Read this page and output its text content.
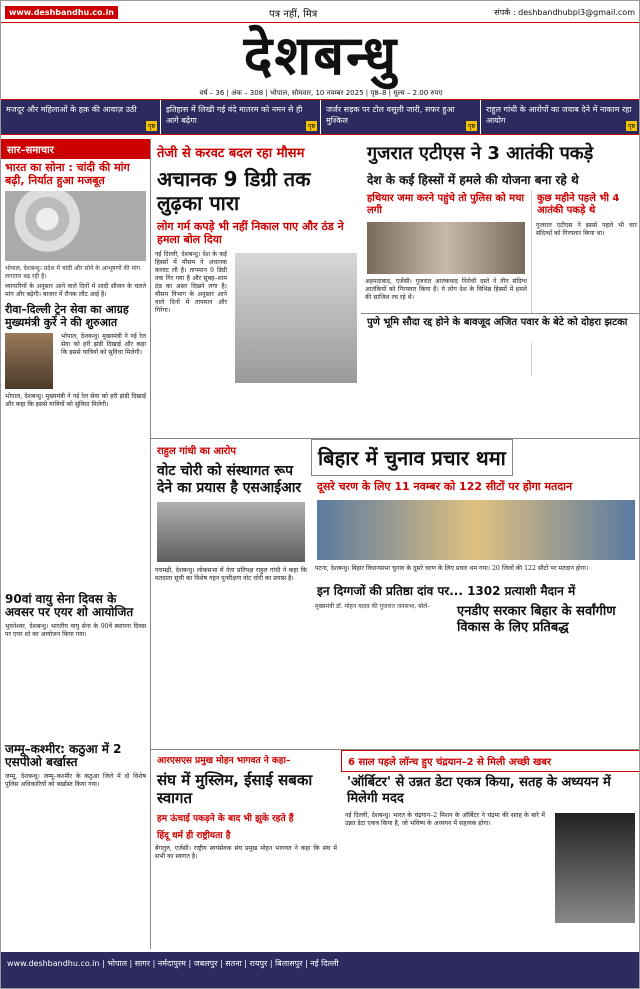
www.deshbandhu.co.in	पत्र नहीं, मित्र	संपर्क : deshbandhubpl3@gmail.com
देशबन्धु
वर्ष – 36 | अंक – 308 | भोपाल, सोमवार, 10 नवम्बर 2025 | पृष्ठ–8 | मूल्य – 2.00 रुपए
मजदूर और महिलाओं के हक़ की आवाज़ उठी
पृष्ठ
इतिहास में लिखी गई वंदे मातरम को नमन से ही आगे बढ़ेगा
पृष्ठ
जर्जर सड़क पर टोल वसूली जारी, सफर हुआ मुश्किल
पृष्ठ
राहुल गांधी के आरोपों का जवाब देने में नाकाम रहा आयोग
पृष्ठ
सार–समाचार
भारत का सोना : चांदी की मांग बढ़ी, निर्यात हुआ मजबूत
भोपाल, देशबन्धु। प्रदेश में चांदी और सोने के आभूषणों की मांग लगातार बढ़ रही है।
व्यापारियों के अनुसार आने वाले दिनों में शादी सीजन के चलते मांग और बढ़ेगी। बाजार में रौनक लौट आई है।
रीवा–दिल्ली ट्रेन सेवा का आग्रह मुख्यमंत्री कुर्रे ने की शुरुआत
भोपाल, देशबन्धु। मुख्यमंत्री ने नई रेल सेवा को हरी झंडी दिखाई और कहा कि इससे यात्रियों को सुविधा मिलेगी।
भोपाल, देशबन्धु। मुख्यमंत्री ने नई रेल सेवा को हरी झंडी दिखाई और कहा कि इससे यात्रियों को सुविधा मिलेगी।
90वां वायु सेना दिवस के अवसर पर एयर शो आयोजित
भुवनेश्वर, देशबन्धु। भारतीय वायु सेना के 90वें स्थापना दिवस पर एयर शो का आयोजन किया गया।
जम्मू–कश्मीर: कठुआ में 2 एसपीओ बर्खास्त
जम्मू, देशबन्धु। जम्मू–कश्मीर के कठुआ जिले में दो विशेष पुलिस अधिकारियों को बर्खास्त किया गया।
तेजी से करवट बदल रहा मौसम
अचानक 9 डिग्री तक लुढ़का पारा
लोग गर्म कपड़े भी नहीं निकाल पाए और ठंड ने हमला बोल दिया
नई दिल्ली, देशबन्धु। देश के कई हिस्सों में मौसम ने अचानक करवट ली है। तापमान 9 डिग्री तक गिर गया है और सुबह–शाम ठंड का असर दिखने लगा है। मौसम विभाग के अनुसार आने वाले दिनों में तापमान और गिरेगा।
गुजरात एटीएस ने 3 आतंकी पकड़े
देश के कई हिस्सों में हमले की योजना बना रहे थे
हथियार जमा करने पहुंचे तो पुलिस को मचा लगी
अहमदाबाद, एजेंसी। गुजरात आतंकवाद निरोधी दस्ते ने तीन संदिग्ध आतंकियों को गिरफ्तार किया है। ये लोग देश के विभिन्न हिस्सों में हमले की साजिश रच रहे थे।
कुछ महीने पहले भी 4 आतंकी पकड़े थे
गुजरात एटीएस ने इससे पहले भी चार संदिग्धों को गिरफ्तार किया था।
पुणे भूमि सौदा रद्द होने के बावजूद अजित पवार के बेटे को दोहरा झटका
राहुल गांधी का आरोप
वोट चोरी को संस्थागत रूप देने का प्रयास है एसआईआर
पचमढ़ी, देशबन्धु। लोकसभा में नेता प्रतिपक्ष राहुल गांधी ने कहा कि मतदाता सूची का विशेष गहन पुनरीक्षण वोट चोरी का प्रयास है।
बिहार में चुनाव प्रचार थमा
दूसरे चरण के लिए 11 नवम्बर को 122 सीटों पर होगा मतदान
पटना, देशबन्धु। बिहार विधानसभा चुनाव के दूसरे चरण के लिए प्रचार थम गया। 20 जिलों की 122 सीटों पर मतदान होगा।
इन दिग्गजों की प्रतिष्ठा दांव पर... 1302 प्रत्याशी मैदान में
मुख्यमंत्री डॉ. मोहन यादव की गुजरात जनसभा, बोले–	एनडीए सरकार बिहार के सर्वांगीण विकास के लिए प्रतिबद्ध
आरएसएस प्रमुख मोहन भागवत ने कहा–
संघ में मुस्लिम, ईसाई सबका स्वागत
हम ऊंचाई पकड़ने के बाद भी झुके रहते हैं
हिंदू धर्म ही राष्ट्रीयता है
बेंगलुरु, एजेंसी। राष्ट्रीय स्वयंसेवक संघ प्रमुख मोहन भागवत ने कहा कि संघ में सभी का स्वागत है।
6 साल पहले लॉन्च हुए चंद्रयान–2 से मिली अच्छी खबर
'ऑर्बिटर' से उन्नत डेटा एकत्र किया, सतह के अध्ययन में मिलेगी मदद
नई दिल्ली, देशबन्धु। भारत के चंद्रयान–2 मिशन के ऑर्बिटर ने चंद्रमा की सतह के बारे में उन्नत डेटा एकत्र किया है, जो भविष्य के अध्ययन में सहायक होगा।
www.deshbandhu.co.in | भोपाल | सागर | नर्मदापुरम | जबलपुर | सतना | रायपुर | बिलासपुर | नई दिल्ली
